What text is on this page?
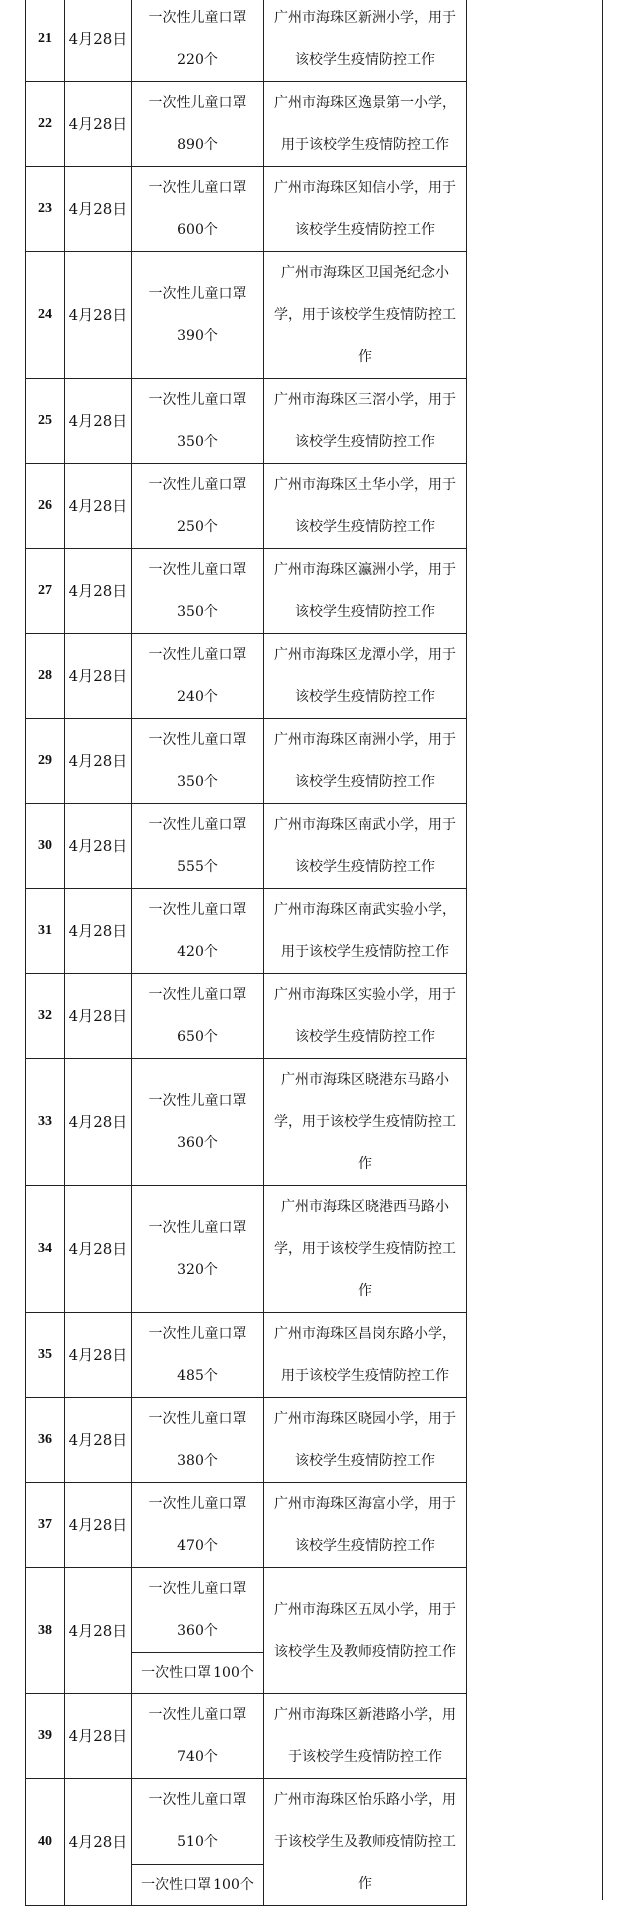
21	4月28日	一次性儿童口罩
220个	广州市海珠区新洲小学，用于
该校学生疫情防控工作

22	4月28日	一次性儿童口罩
890个	广州市海珠区逸景第一小学，
用于该校学生疫情防控工作

23	4月28日	一次性儿童口罩
600个	广州市海珠区知信小学，用于
该校学生疫情防控工作

24	4月28日	一次性儿童口罩
390个	广州市海珠区卫国尧纪念小
学，用于该校学生疫情防控工
作

25	4月28日	一次性儿童口罩
350个	广州市海珠区三滘小学，用于
该校学生疫情防控工作

26	4月28日	一次性儿童口罩
250个	广州市海珠区土华小学，用于
该校学生疫情防控工作

27	4月28日	一次性儿童口罩
350个	广州市海珠区瀛洲小学，用于
该校学生疫情防控工作

28	4月28日	一次性儿童口罩
240个	广州市海珠区龙潭小学，用于
该校学生疫情防控工作

29	4月28日	一次性儿童口罩
350个	广州市海珠区南洲小学，用于
该校学生疫情防控工作

30	4月28日	一次性儿童口罩
555个	广州市海珠区南武小学，用于
该校学生疫情防控工作

31	4月28日	一次性儿童口罩
420个	广州市海珠区南武实验小学，
用于该校学生疫情防控工作

32	4月28日	一次性儿童口罩
650个	广州市海珠区实验小学，用于
该校学生疫情防控工作

33	4月28日	一次性儿童口罩
360个	广州市海珠区晓港东马路小
学，用于该校学生疫情防控工
作

34	4月28日	一次性儿童口罩
320个	广州市海珠区晓港西马路小
学，用于该校学生疫情防控工
作

35	4月28日	一次性儿童口罩
485个	广州市海珠区昌岗东路小学，
用于该校学生疫情防控工作

36	4月28日	一次性儿童口罩
380个	广州市海珠区晓园小学，用于
该校学生疫情防控工作

37	4月28日	一次性儿童口罩
470个	广州市海珠区海富小学，用于
该校学生疫情防控工作

38	4月28日	一次性儿童口罩
360个	广州市海珠区五凤小学，用于
该校学生及教师疫情防控工作

		一次性口罩 100个	
39	4月28日	一次性儿童口罩
740个	广州市海珠区新港路小学，用
于该校学生疫情防控工作

40	4月28日	一次性儿童口罩
510个	广州市海珠区怡乐路小学，用
于该校学生及教师疫情防控工
作

		一次性口罩 100个	
